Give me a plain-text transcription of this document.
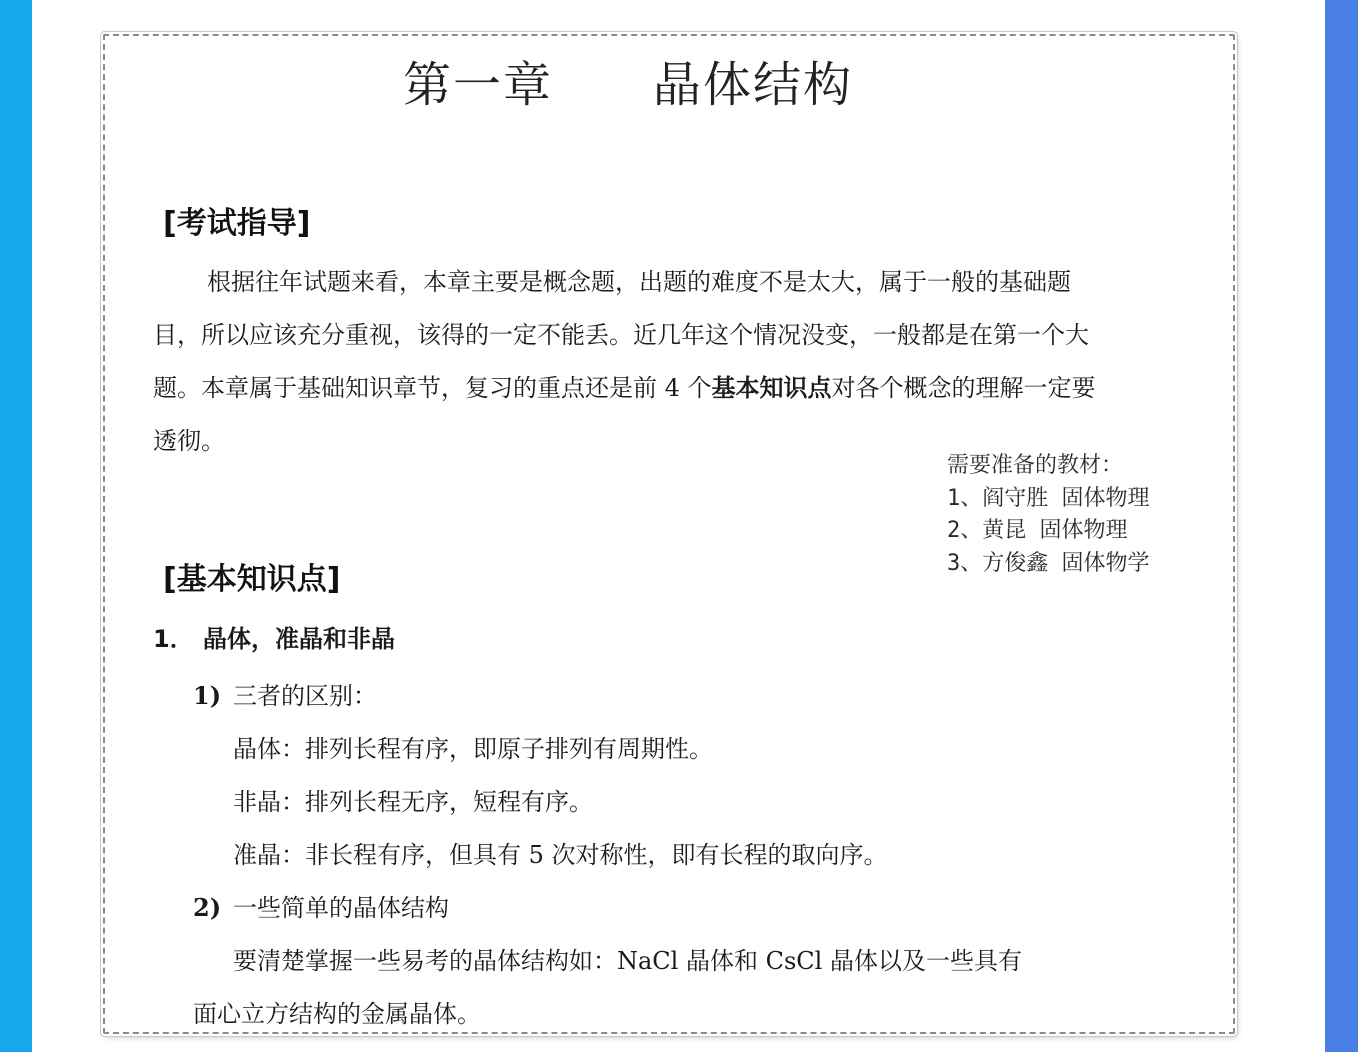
第一章　　晶体结构
[考试指导]
根据往年试题来看，本章主要是概念题，出题的难度不是太大，属于一般的基础题目，所以应该充分重视，该得的一定不能丢。近几年这个情况没变，一般都是在第一个大题。本章属于基础知识章节，复习的重点还是前 4 个基本知识点对各个概念的理解一定要透彻。
需要准备的教材：
1、阎守胜 固体物理
2、黄昆 固体物理
3、方俊鑫 固体物学
[基本知识点]
1． 晶体，准晶和非晶
1) 三者的区别：
晶体：排列长程有序，即原子排列有周期性。
非晶：排列长程无序，短程有序。
准晶：非长程有序，但具有 5 次对称性，即有长程的取向序。
2) 一些简单的晶体结构
要清楚掌握一些易考的晶体结构如：NaCl 晶体和 CsCl 晶体以及一些具有
面心立方结构的金属晶体。
